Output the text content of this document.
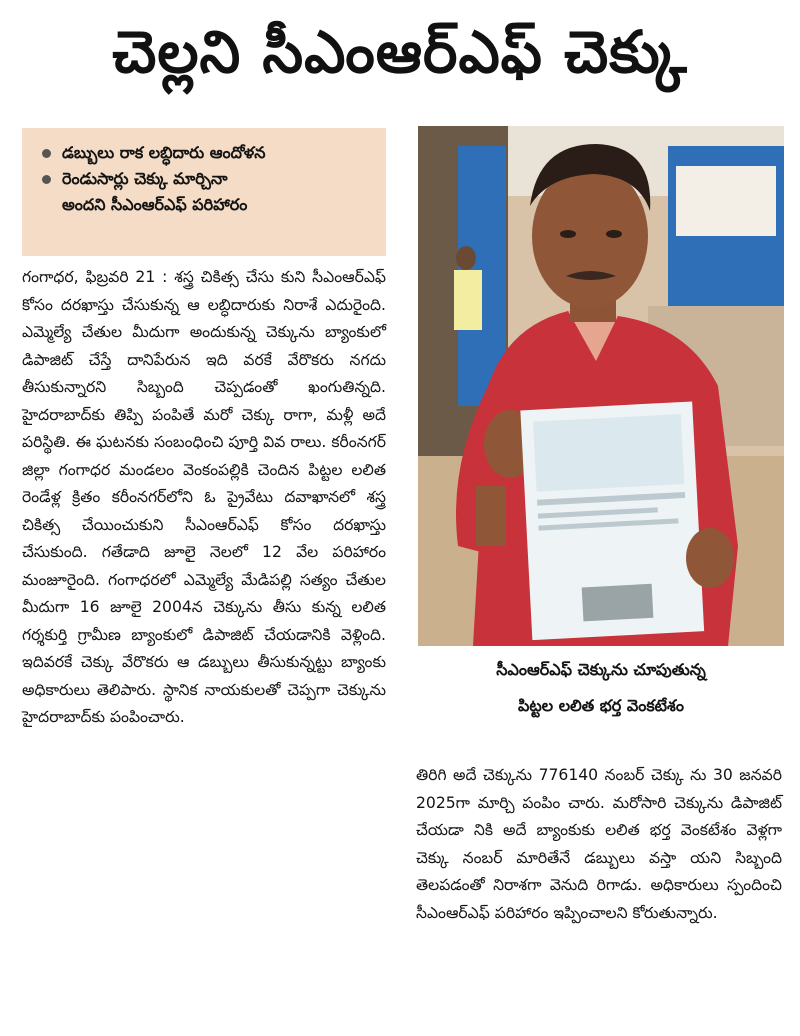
చెల్లని సీఎంఆర్ఎఫ్ చెక్కు
డబ్బులు రాక లబ్ధిదారు ఆందోళన
రెండుసార్లు చెక్కు మార్చినా
అందని సీఎంఆర్ఎఫ్ పరిహారం

గంగాధర, ఫిబ్రవరి 21 : శస్త్ర చికిత్స చేసు కుని సీఎంఆర్ఎఫ్ కోసం దరఖాస్తు చేసుకున్న ఆ లబ్ధిదారుకు నిరాశే ఎదురైంది. ఎమ్మెల్యే చేతుల మీదుగా అందుకున్న చెక్కును బ్యాంకులో డిపాజిట్ చేస్తే దానిపేరున ఇది వరకే వేరొకరు నగదు తీసుకున్నారని సిబ్బంది చెప్పడంతో ఖంగుతిన్నది. హైదరాబాద్‌కు తిప్పి పంపితే మరో చెక్కు రాగా, మళ్లీ అదే పరిస్థితి. ఈ ఘటనకు సంబంధించి పూర్తి వివ రాలు. కరీంనగర్ జిల్లా గంగాధర మండలం వెంకంపల్లికి చెందిన పిట్టల లలిత రెండేళ్ల క్రితం కరీంనగర్‌లోని ఓ ప్రైవేటు దవాఖానలో శస్త్ర చికిత్స చేయించుకుని సీఎంఆర్ఎఫ్ కోసం దరఖాస్తు చేసుకుంది. గతేడాది జూలై నెలలో 12 వేల పరిహారం మంజూరైంది. గంగాధరలో ఎమ్మెల్యే మేడిపల్లి సత్యం చేతుల మీదుగా 16 జూలై 2004న చెక్కును తీసు కున్న లలిత గర్శకుర్తి గ్రామీణ బ్యాంకులో డిపాజిట్ చేయడానికి వెళ్లింది. ఇదివరకే చెక్కు వేరొకరు ఆ డబ్బులు తీసుకున్నట్టు బ్యాంకు అధికారులు తెలిపారు. స్థానిక నాయకులతో చెప్పగా చెక్కును హైదరాబాద్‌కు పంపించారు.

సీఎంఆర్ఎఫ్ చెక్కును చూపుతున్న
పిట్టల లలిత భర్త వెంకటేశం

తిరిగి అదే చెక్కును 776140 నంబర్ చెక్కు ను 30 జనవరి 2025గా మార్చి పంపిం చారు. మరోసారి చెక్కును డిపాజిట్ చేయడా నికి అదే బ్యాంకుకు లలిత భర్త వెంకటేశం వెళ్లగా చెక్కు నంబర్ మారితేనే డబ్బులు వస్తా యని సిబ్బంది తెలపడంతో నిరాశగా వెనుది రిగాడు. అధికారులు స్పందించి సీఎంఆర్ఎఫ్ పరిహారం ఇప్పించాలని కోరుతున్నారు.
